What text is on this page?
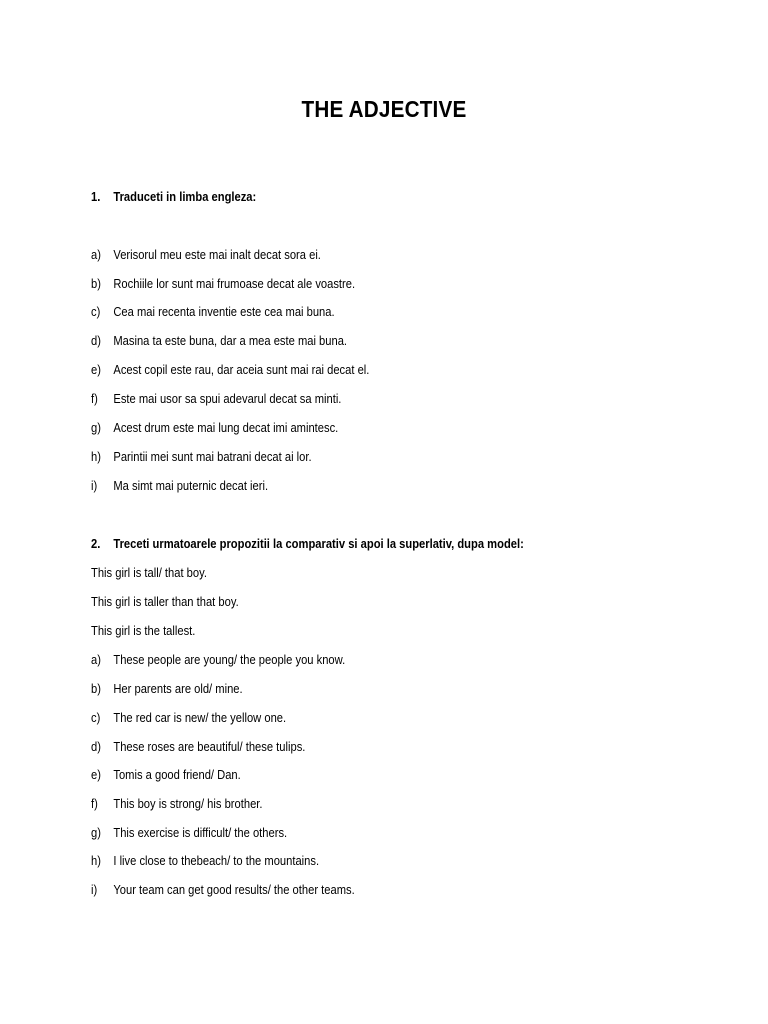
THE ADJECTIVE
1. Traduceti in limba engleza:
a) Verisorul meu este mai inalt decat sora ei.
b) Rochiile lor sunt mai frumoase decat ale voastre.
c) Cea mai recenta inventie este cea mai buna.
d) Masina ta este buna, dar a mea este mai buna.
e) Acest copil este rau, dar aceia sunt mai rai decat el.
f) Este mai usor sa spui adevarul decat sa minti.
g) Acest drum este mai lung decat imi amintesc.
h) Parintii mei sunt mai batrani decat ai lor.
i) Ma simt mai puternic decat ieri.
2. Treceti urmatoarele propozitii la comparativ si apoi la superlativ, dupa model:
This girl is tall/ that boy.
This girl is taller than that boy.
This girl is the tallest.
a) These people are young/ the people you know.
b) Her parents are old/ mine.
c) The red car is new/ the yellow one.
d) These roses are beautiful/ these tulips.
e) Tomis a good friend/ Dan.
f) This boy is strong/ his brother.
g) This exercise is difficult/ the others.
h) I live close to thebeach/ to the mountains.
i) Your team can get good results/ the other teams.
